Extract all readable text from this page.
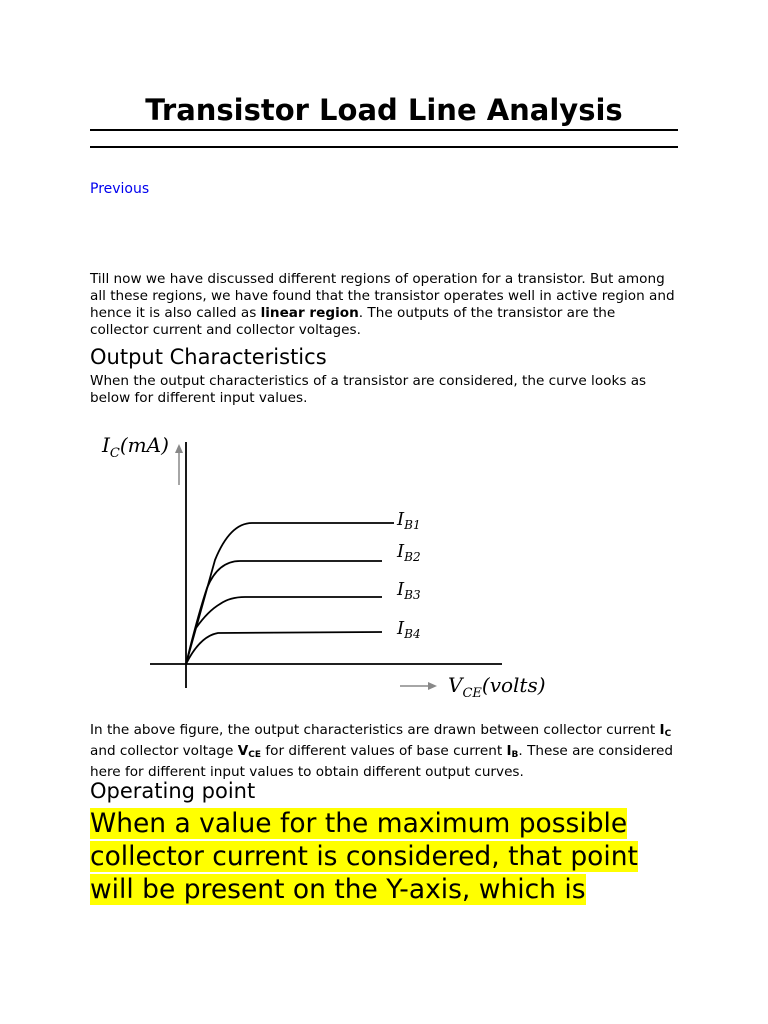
Transistor Load Line Analysis
Previous

Till now we have discussed different regions of operation for a transistor. But among all these regions, we have found that the transistor operates well in active region and hence it is also called as linear region. The outputs of the transistor are the collector current and collector voltages.

Output Characteristics

When the output characteristics of a transistor are considered, the curve looks as below for different input values.

$I_C(mA)$
$V_{CE}(volts)$
$I_{B1}$
$I_{B2}$
$I_{B3}$
$I_{B4}$

In the above figure, the output characteristics are drawn between collector current $I_C$ and collector voltage $V_{CE}$ for different values of base current $I_B$. These are considered here for different input values to obtain different output curves.

Operating point

When a value for the maximum possible collector current is considered, that point will be present on the Y-axis, which is
